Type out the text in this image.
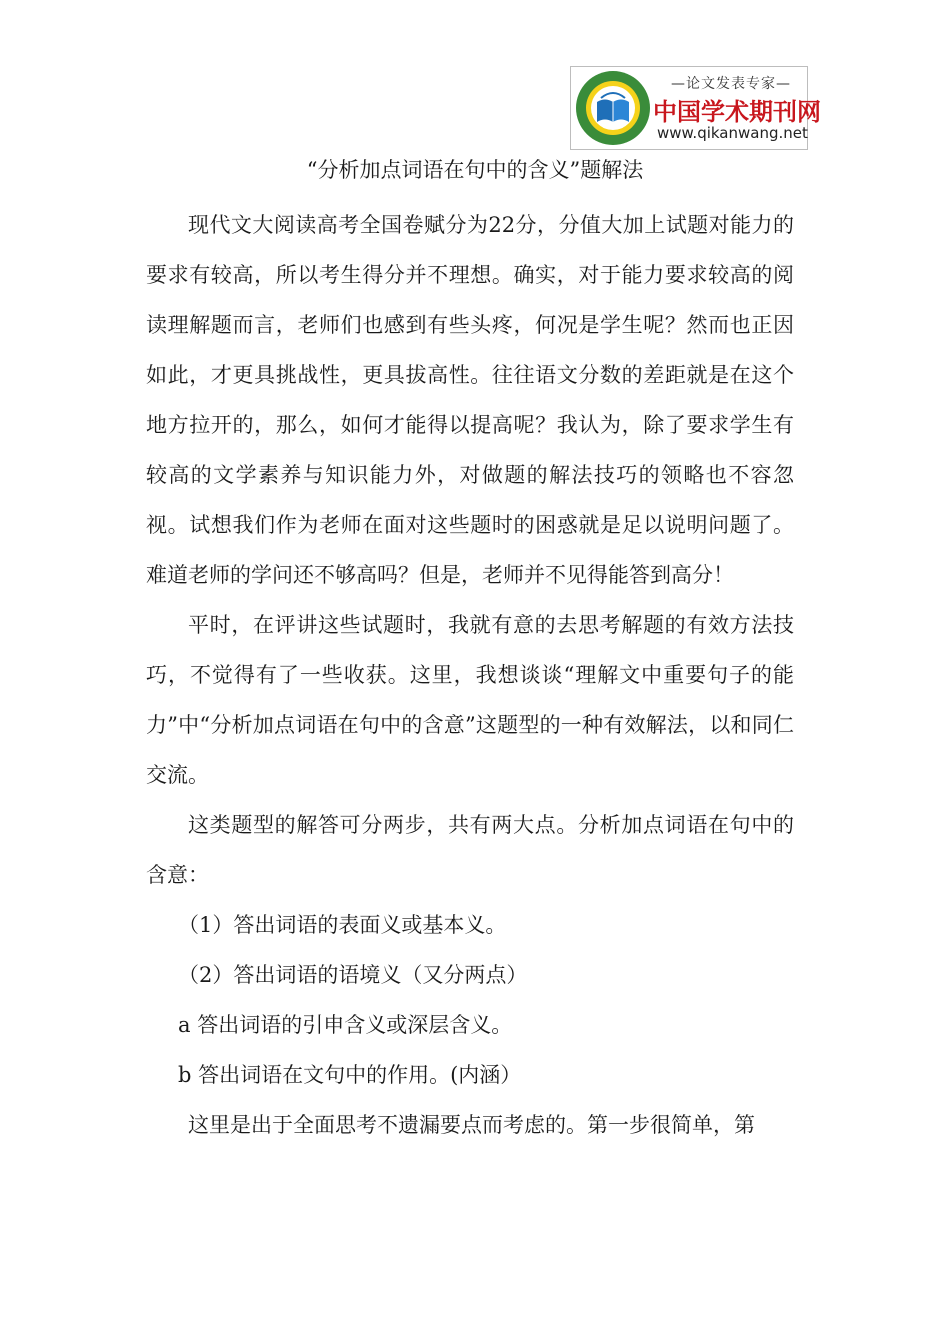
—论文发表专家—
中国学术期刊网
www.qikanwang.net
“分析加点词语在句中的含义”题解法

现代文大阅读高考全国卷赋分为22分，分值大加上试题对能力的要求有较高，所以考生得分并不理想。确实，对于能力要求较高的阅读理解题而言，老师们也感到有些头疼，何况是学生呢？然而也正因如此，才更具挑战性，更具拔高性。往往语文分数的差距就是在这个地方拉开的，那么，如何才能得以提高呢？我认为，除了要求学生有较高的文学素养与知识能力外，对做题的解法技巧的领略也不容忽视。试想我们作为老师在面对这些题时的困惑就是足以说明问题了。难道老师的学问还不够高吗？但是，老师并不见得能答到高分！

平时，在评讲这些试题时，我就有意的去思考解题的有效方法技巧，不觉得有了一些收获。这里，我想谈谈“理解文中重要句子的能力”中“分析加点词语在句中的含意”这题型的一种有效解法，以和同仁交流。

这类题型的解答可分两步，共有两大点。分析加点词语在句中的含意：

（1）答出词语的表面义或基本义。

（2）答出词语的语境义（又分两点）

a 答出词语的引申含义或深层含义。

b 答出词语在文句中的作用。(内涵）

这里是出于全面思考不遗漏要点而考虑的。第一步很简单，第
